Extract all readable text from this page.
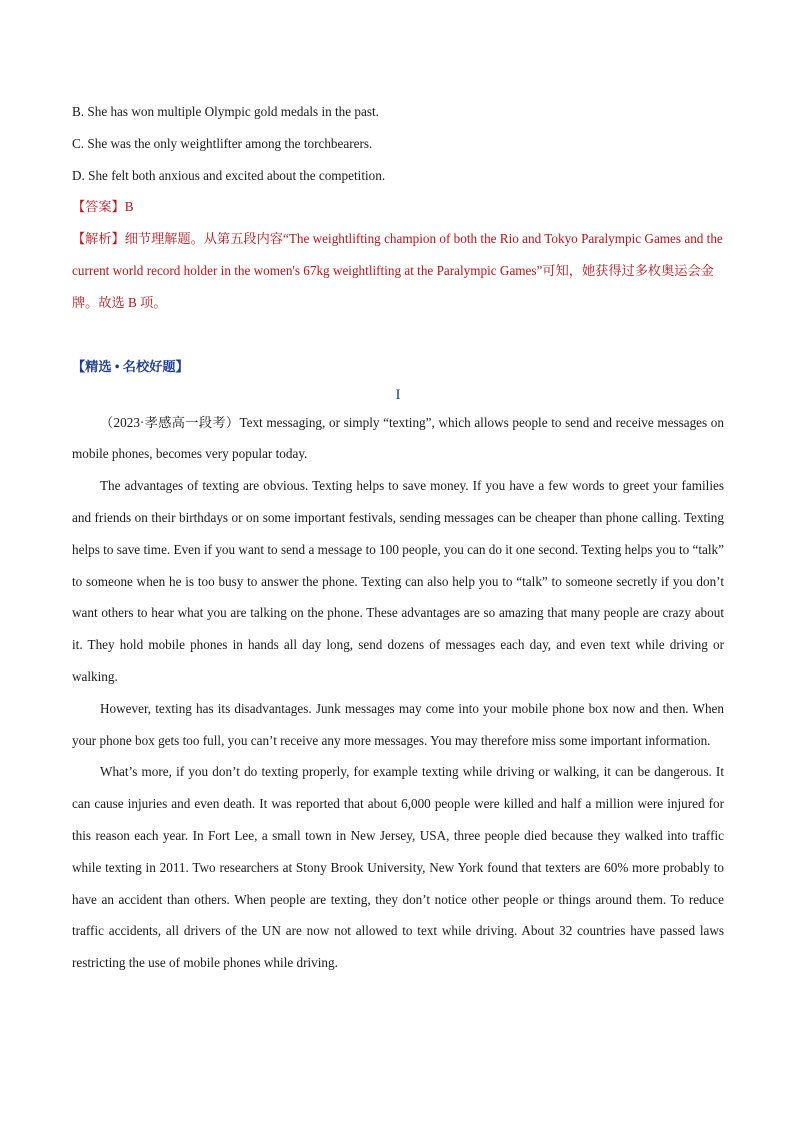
B. She has won multiple Olympic gold medals in the past.
C. She was the only weightlifter among the torchbearers.
D. She felt both anxious and excited about the competition.
【答案】B
【解析】细节理解题。从第五段内容“The weightlifting champion of both the Rio and Tokyo Paralympic Games and the current world record holder in the women's 67kg weightlifting at the Paralympic Games”可知，她获得过多枚奥运会金牌。故选 B 项。
【精选 • 名校好题】
I

（2023·孝感高一段考）Text messaging, or simply “texting”, which allows people to send and receive messages on mobile phones, becomes very popular today.

The advantages of texting are obvious. Texting helps to save money. If you have a few words to greet your families and friends on their birthdays or on some important festivals, sending messages can be cheaper than phone calling. Texting helps to save time. Even if you want to send a message to 100 people, you can do it one second. Texting helps you to “talk” to someone when he is too busy to answer the phone. Texting can also help you to “talk” to someone secretly if you don’t want others to hear what you are talking on the phone. These advantages are so amazing that many people are crazy about it. They hold mobile phones in hands all day long, send dozens of messages each day, and even text while driving or walking.

However, texting has its disadvantages. Junk messages may come into your mobile phone box now and then. When your phone box gets too full, you can’t receive any more messages. You may therefore miss some important information.

What’s more, if you don’t do texting properly, for example texting while driving or walking, it can be dangerous. It can cause injuries and even death. It was reported that about 6,000 people were killed and half a million were injured for this reason each year. In Fort Lee, a small town in New Jersey, USA, three people died because they walked into traffic while texting in 2011. Two researchers at Stony Brook University, New York found that texters are 60% more probably to have an accident than others. When people are texting, they don’t notice other people or things around them. To reduce traffic accidents, all drivers of the UN are now not allowed to text while driving. About 32 countries have passed laws restricting the use of mobile phones while driving.
